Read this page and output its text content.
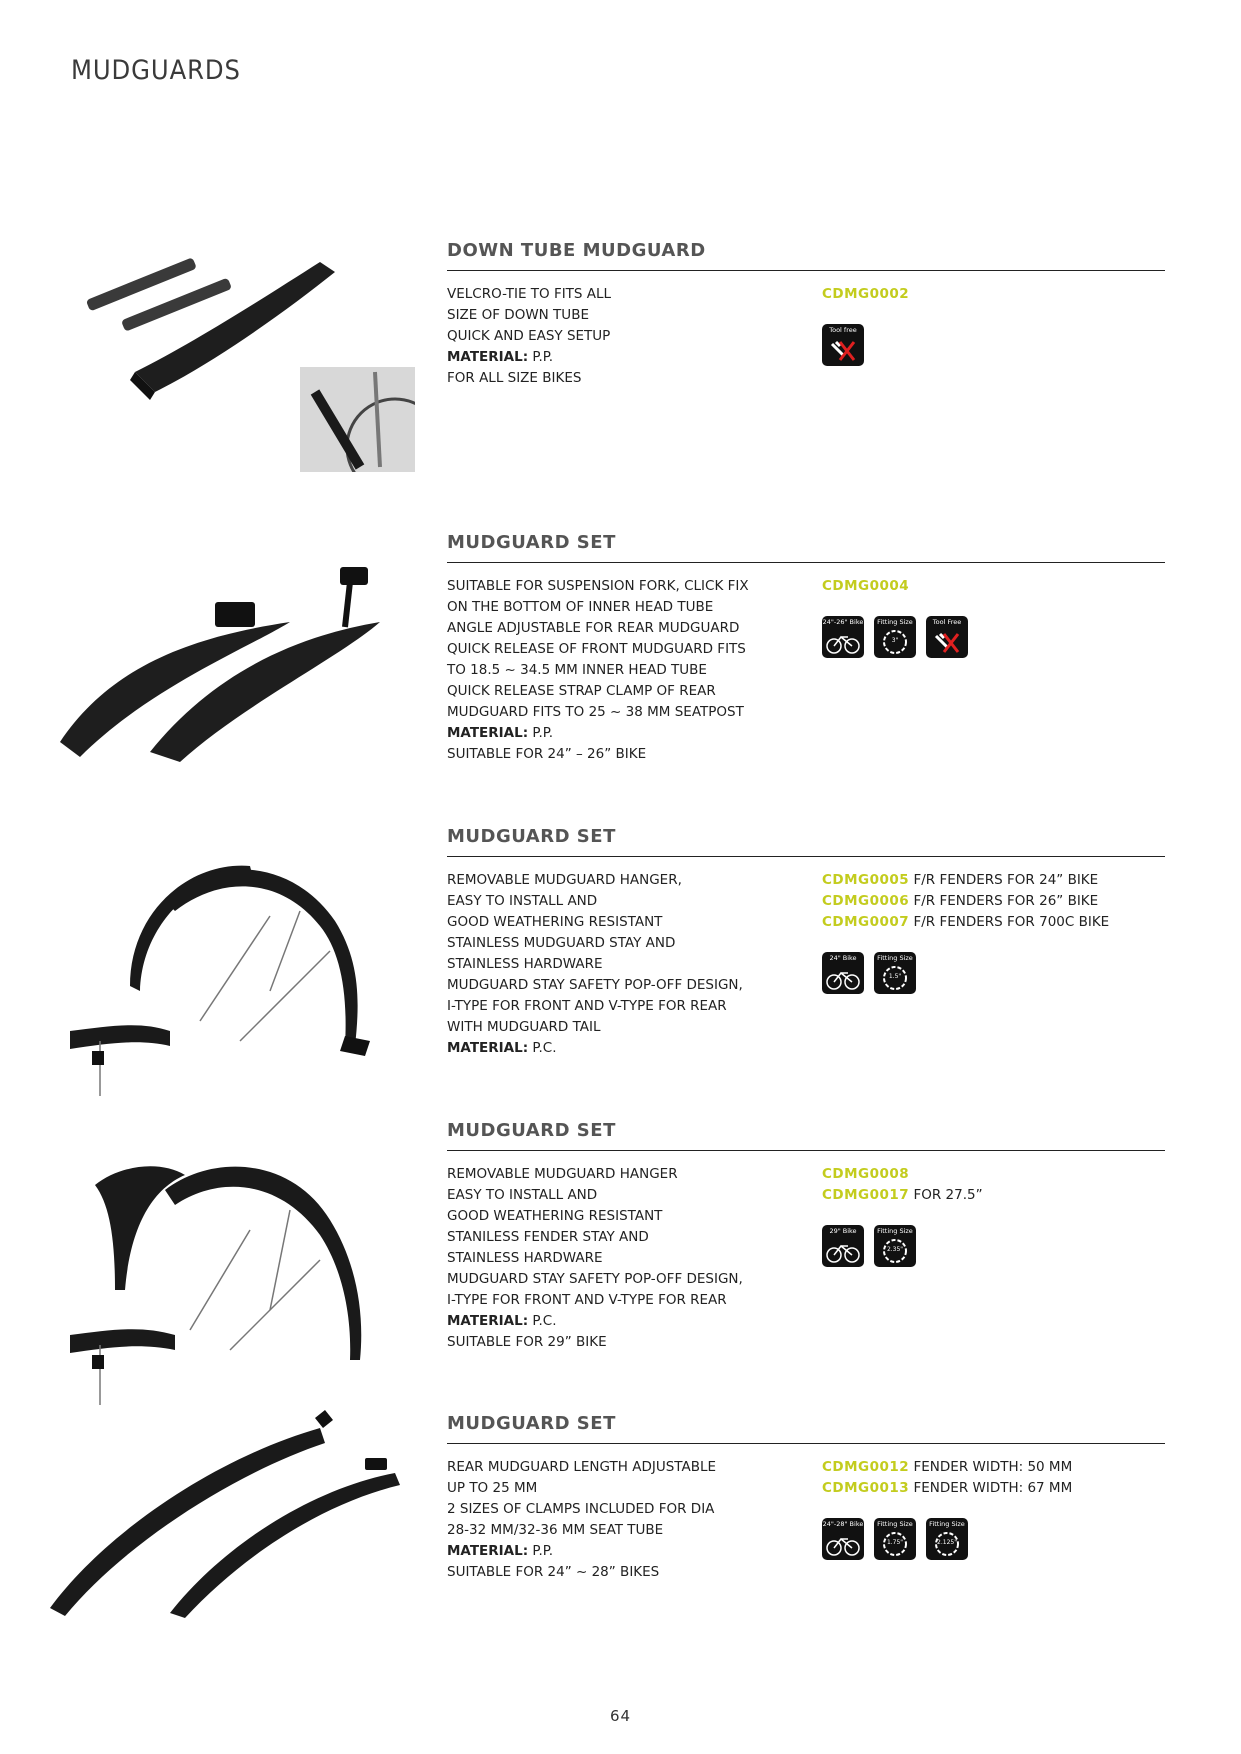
MUDGUARDS
DOWN TUBE MUDGUARD
VELCRO-TIE TO FITS ALL
SIZE OF DOWN TUBE
QUICK AND EASY SETUP
MATERIAL: P.P.
FOR ALL SIZE BIKES
CDMG0002
Tool free
MUDGUARD SET
SUITABLE FOR SUSPENSION FORK, CLICK FIX
ON THE BOTTOM OF INNER HEAD TUBE
ANGLE ADJUSTABLE FOR REAR MUDGUARD
QUICK RELEASE OF FRONT MUDGUARD FITS
TO 18.5 ~ 34.5 MM INNER HEAD TUBE
QUICK RELEASE STRAP CLAMP OF REAR
MUDGUARD FITS TO 25 ~ 38 MM SEATPOST
MATERIAL: P.P.
SUITABLE FOR 24” – 26” BIKE
CDMG0004
24"-26" Bike	Fitting Size
3"
Tool Free
MUDGUARD SET
REMOVABLE MUDGUARD HANGER,
EASY TO INSTALL AND
GOOD WEATHERING RESISTANT
STAINLESS MUDGUARD STAY AND
STAINLESS HARDWARE
MUDGUARD STAY SAFETY POP-OFF DESIGN,
I-TYPE FOR FRONT AND V-TYPE FOR REAR
WITH MUDGUARD TAIL
MATERIAL: P.C.
CDMG0005 F/R FENDERS FOR 24” BIKE
CDMG0006 F/R FENDERS FOR 26” BIKE
CDMG0007 F/R FENDERS FOR 700C BIKE
24" Bike	Fitting Size
1.5"
MUDGUARD SET
REMOVABLE MUDGUARD HANGER
EASY TO INSTALL AND
GOOD WEATHERING RESISTANT
STANILESS FENDER STAY AND
STAINLESS HARDWARE
MUDGUARD STAY SAFETY POP-OFF DESIGN,
I-TYPE FOR FRONT AND V-TYPE FOR REAR
MATERIAL: P.C.
SUITABLE FOR 29” BIKE
CDMG0008
CDMG0017 FOR 27.5”
29" Bike	Fitting Size
2.35"
MUDGUARD SET
REAR MUDGUARD LENGTH ADJUSTABLE
UP TO 25 MM
2 SIZES OF CLAMPS INCLUDED FOR DIA
28-32 MM/32-36 MM SEAT TUBE
MATERIAL: P.P.
SUITABLE FOR 24” ~ 28” BIKES
CDMG0012 FENDER WIDTH: 50 MM
CDMG0013 FENDER WIDTH: 67 MM
24"-28" Bike	Fitting Size
1.75"
Fitting Size
2.125"
64
